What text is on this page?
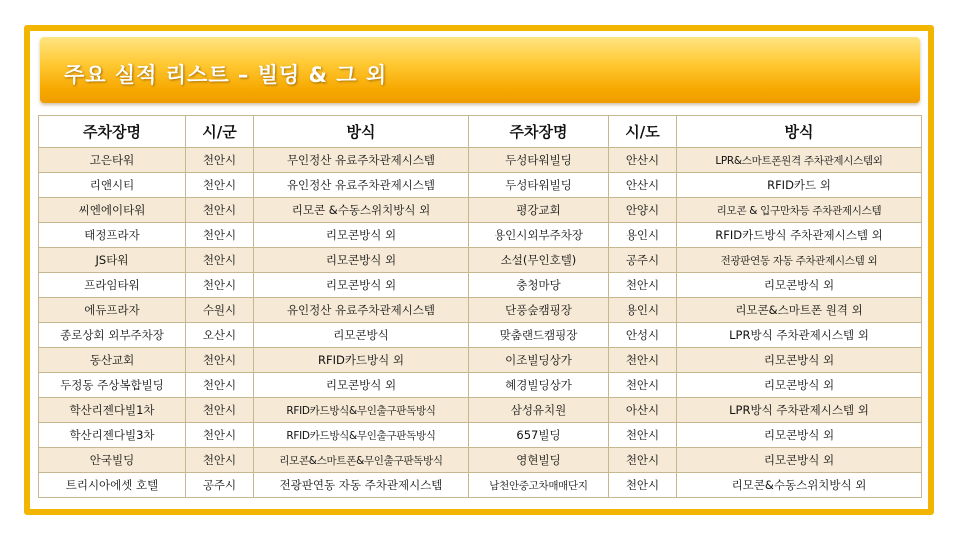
주요 실적 리스트 – 빌딩 & 그 외
주차장명	시/군	방식	주차장명	시/도	방식
고은타워	천안시	무인정산 유료주차관제시스템	두성타워빌딩	안산시	LPR&스마트폰원격 주차관제시스템외
리앤시티	천안시	유인정산 유료주차관제시스템	두성타워빌딩	안산시	RFID카드 외
씨엔에이타워	천안시	리모콘 &수동스위치방식 외	평강교회	안양시	리모콘 & 입구만차등 주차관제시스템
태정프라자	천안시	리모콘방식 외	용인시외부주차장	용인시	RFID카드방식 주차관제시스템 외
JS타워	천안시	리모콘방식 외	소설(무인호텔)	공주시	전광판연동 자동 주차관제시스템 외
프라임타워	천안시	리모콘방식 외	충청마당	천안시	리모콘방식 외
에듀프라자	수원시	유인정산 유료주차관제시스템	단풍숲캠핑장	용인시	리모콘&스마트폰 원격 외
종로상회 외부주차장	오산시	리모콘방식	맞춤랜드캠핑장	안성시	LPR방식 주차관제시스템 외
동산교회	천안시	RFID카드방식 외	이조빌딩상가	천안시	리모콘방식 외
두정동 주상복합빌딩	천안시	리모콘방식 외	혜경빌딩상가	천안시	리모콘방식 외
학산리젠다빌1차	천안시	RFID카드방식&무인출구판독방식	삼성유치원	아산시	LPR방식 주차관제시스템 외
학산리젠다빌3차	천안시	RFID카드방식&무인출구판독방식	657빌딩	천안시	리모콘방식 외
안국빌딩	천안시	리모콘&스마트폰&무인출구판독방식	영현빌딩	천안시	리모콘방식 외
트리시아에셋 호텔	공주시	전광판연동 자동 주차관제시스템	남천안중고차매매단지	천안시	리모콘&수동스위치방식 외
